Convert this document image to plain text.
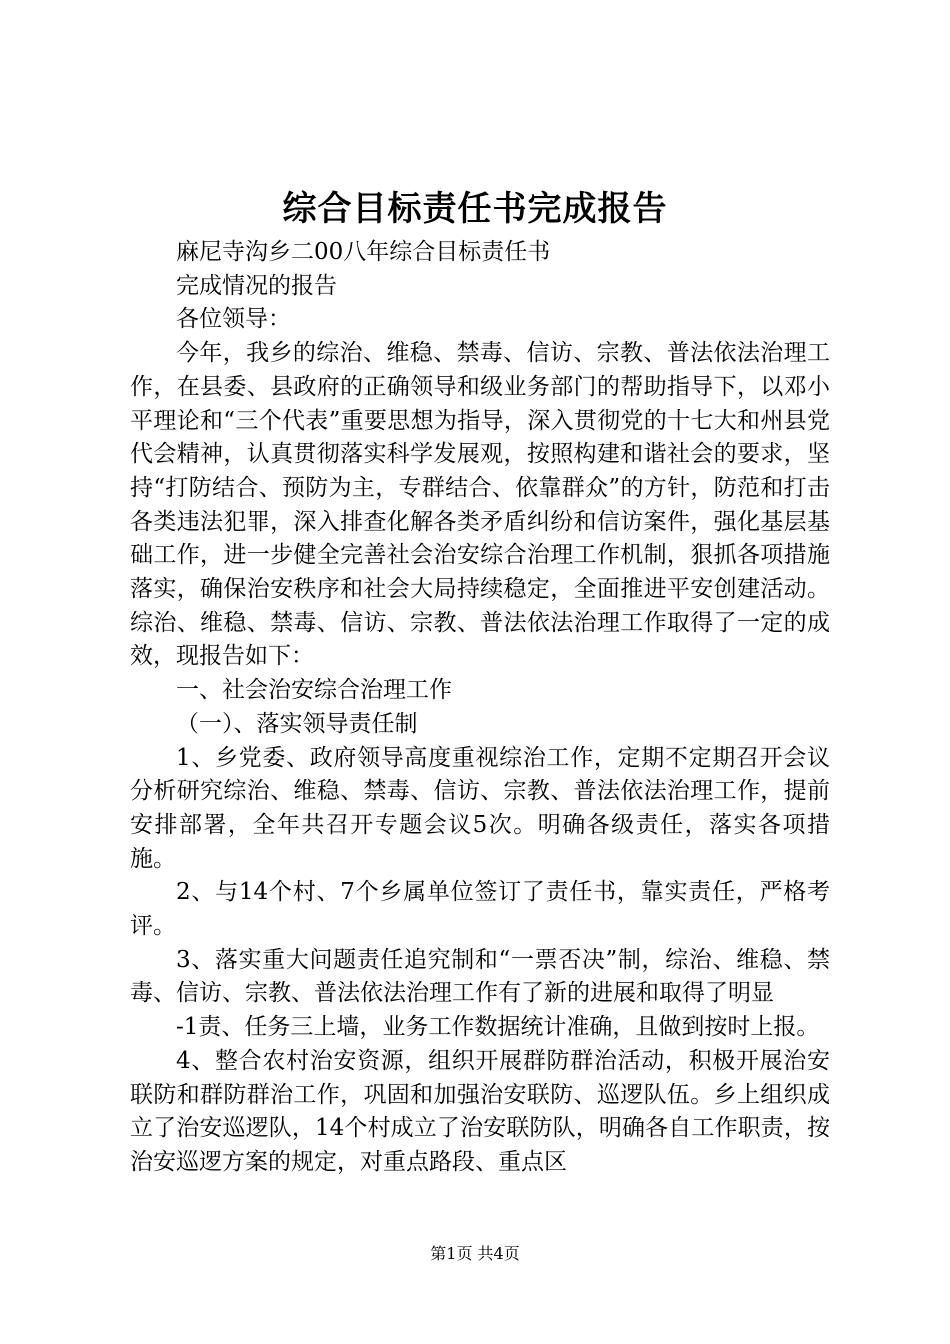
综合目标责任书完成报告

麻尼寺沟乡二00八年综合目标责任书

完成情况的报告

各位领导：

今年，我乡的综治、维稳、禁毒、信访、宗教、普法依法治理工作，在县委、县政府的正确领导和级业务部门的帮助指导下，以邓小平理论和“三个代表”重要思想为指导，深入贯彻党的十七大和州县党代会精神，认真贯彻落实科学发展观，按照构建和谐社会的要求，坚持“打防结合、预防为主，专群结合、依靠群众”的方针，防范和打击各类违法犯罪，深入排查化解各类矛盾纠纷和信访案件，强化基层基础工作，进一步健全完善社会治安综合治理工作机制，狠抓各项措施落实，确保治安秩序和社会大局持续稳定，全面推进平安创建活动。综治、维稳、禁毒、信访、宗教、普法依法治理工作取得了一定的成效，现报告如下：

一、社会治安综合治理工作

（一）、落实领导责任制

1、乡党委、政府领导高度重视综治工作，定期不定期召开会议分析研究综治、维稳、禁毒、信访、宗教、普法依法治理工作，提前安排部署，全年共召开专题会议5次。明确各级责任，落实各项措施。

2、与14个村、7个乡属单位签订了责任书，靠实责任，严格考评。

3、落实重大问题责任追究制和“一票否决”制，综治、维稳、禁毒、信访、宗教、普法依法治理工作有了新的进展和取得了明显

-1责、任务三上墙，业务工作数据统计准确，且做到按时上报。

4、整合农村治安资源，组织开展群防群治活动，积极开展治安联防和群防群治工作，巩固和加强治安联防、巡逻队伍。乡上组织成立了治安巡逻队，14个村成立了治安联防队，明确各自工作职责，按治安巡逻方案的规定，对重点路段、重点区

第1页 共4页
